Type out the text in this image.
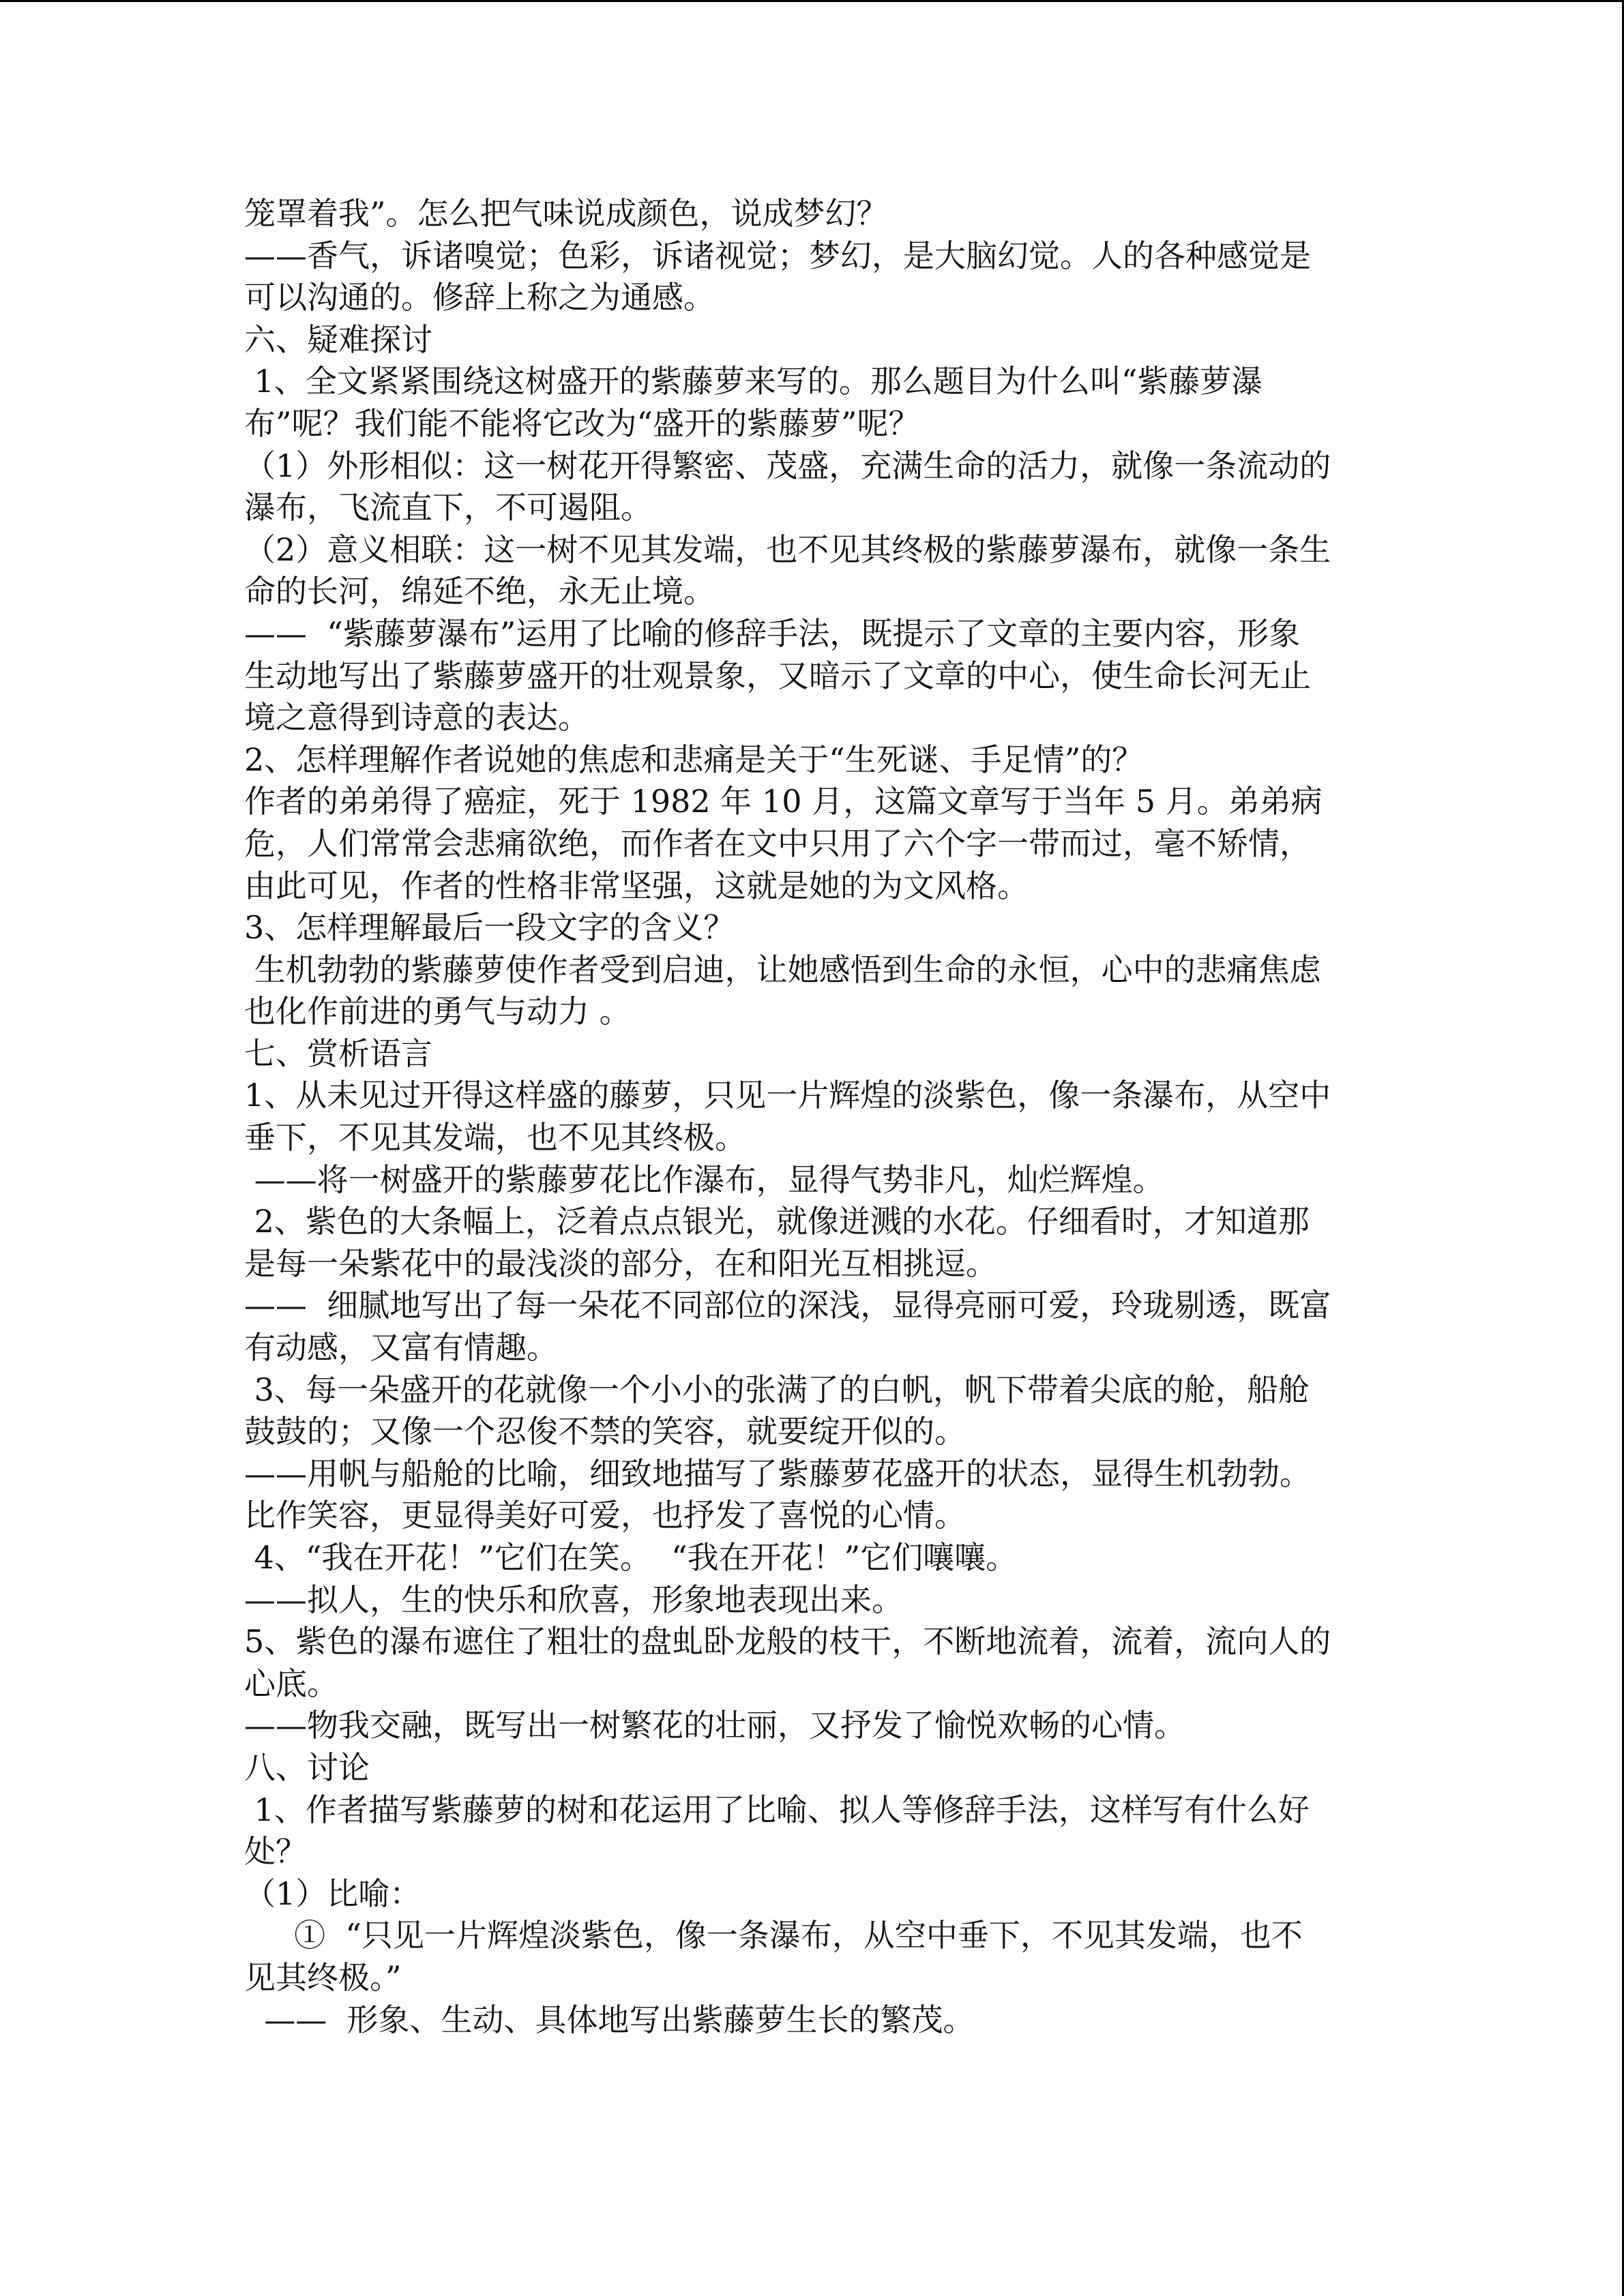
笼罩着我”。怎么把气味说成颜色，说成梦幻？
——香气，诉诸嗅觉；色彩，诉诸视觉；梦幻，是大脑幻觉。人的各种感觉是
可以沟通的。修辞上称之为通感。
六、疑难探讨
1、全文紧紧围绕这树盛开的紫藤萝来写的。那么题目为什么叫“紫藤萝瀑
布”呢？我们能不能将它改为“盛开的紫藤萝”呢？
（1）外形相似：这一树花开得繁密、茂盛，充满生命的活力，就像一条流动的
瀑布，飞流直下，不可遏阻。
（2）意义相联：这一树不见其发端，也不见其终极的紫藤萝瀑布，就像一条生
命的长河，绵延不绝，永无止境。
——  “紫藤萝瀑布”运用了比喻的修辞手法，既提示了文章的主要内容，形象
生动地写出了紫藤萝盛开的壮观景象，又暗示了文章的中心，使生命长河无止
境之意得到诗意的表达。
2、怎样理解作者说她的焦虑和悲痛是关于“生死谜、手足情”的？
作者的弟弟得了癌症，死于 1982 年 10 月，这篇文章写于当年 5 月。弟弟病
危，人们常常会悲痛欲绝，而作者在文中只用了六个字一带而过，毫不矫情，
由此可见，作者的性格非常坚强，这就是她的为文风格。
3、怎样理解最后一段文字的含义？
生机勃勃的紫藤萝使作者受到启迪，让她感悟到生命的永恒，心中的悲痛焦虑
也化作前进的勇气与动力 。
七、赏析语言
1、从未见过开得这样盛的藤萝，只见一片辉煌的淡紫色，像一条瀑布，从空中
垂下，不见其发端，也不见其终极。
——将一树盛开的紫藤萝花比作瀑布，显得气势非凡，灿烂辉煌。
2、紫色的大条幅上，泛着点点银光，就像迸溅的水花。仔细看时，才知道那
是每一朵紫花中的最浅淡的部分，在和阳光互相挑逗。
——  细腻地写出了每一朵花不同部位的深浅，显得亮丽可爱，玲珑剔透，既富
有动感，又富有情趣。
3、每一朵盛开的花就像一个小小的张满了的白帆，帆下带着尖底的舱，船舱
鼓鼓的；又像一个忍俊不禁的笑容，就要绽开似的。
——用帆与船舱的比喻，细致地描写了紫藤萝花盛开的状态，显得生机勃勃。
比作笑容，更显得美好可爱，也抒发了喜悦的心情。
4、“我在开花！”它们在笑。  “我在开花！”它们嚷嚷。
——拟人，生的快乐和欣喜，形象地表现出来。
5、紫色的瀑布遮住了粗壮的盘虬卧龙般的枝干，不断地流着，流着，流向人的
心底。
——物我交融，既写出一树繁花的壮丽，又抒发了愉悦欢畅的心情。
八、讨论
1、作者描写紫藤萝的树和花运用了比喻、拟人等修辞手法，这样写有什么好
处？
（1）比喻：
①  “只见一片辉煌淡紫色，像一条瀑布，从空中垂下，不见其发端，也不
见其终极。”
——  形象、生动、具体地写出紫藤萝生长的繁茂。
